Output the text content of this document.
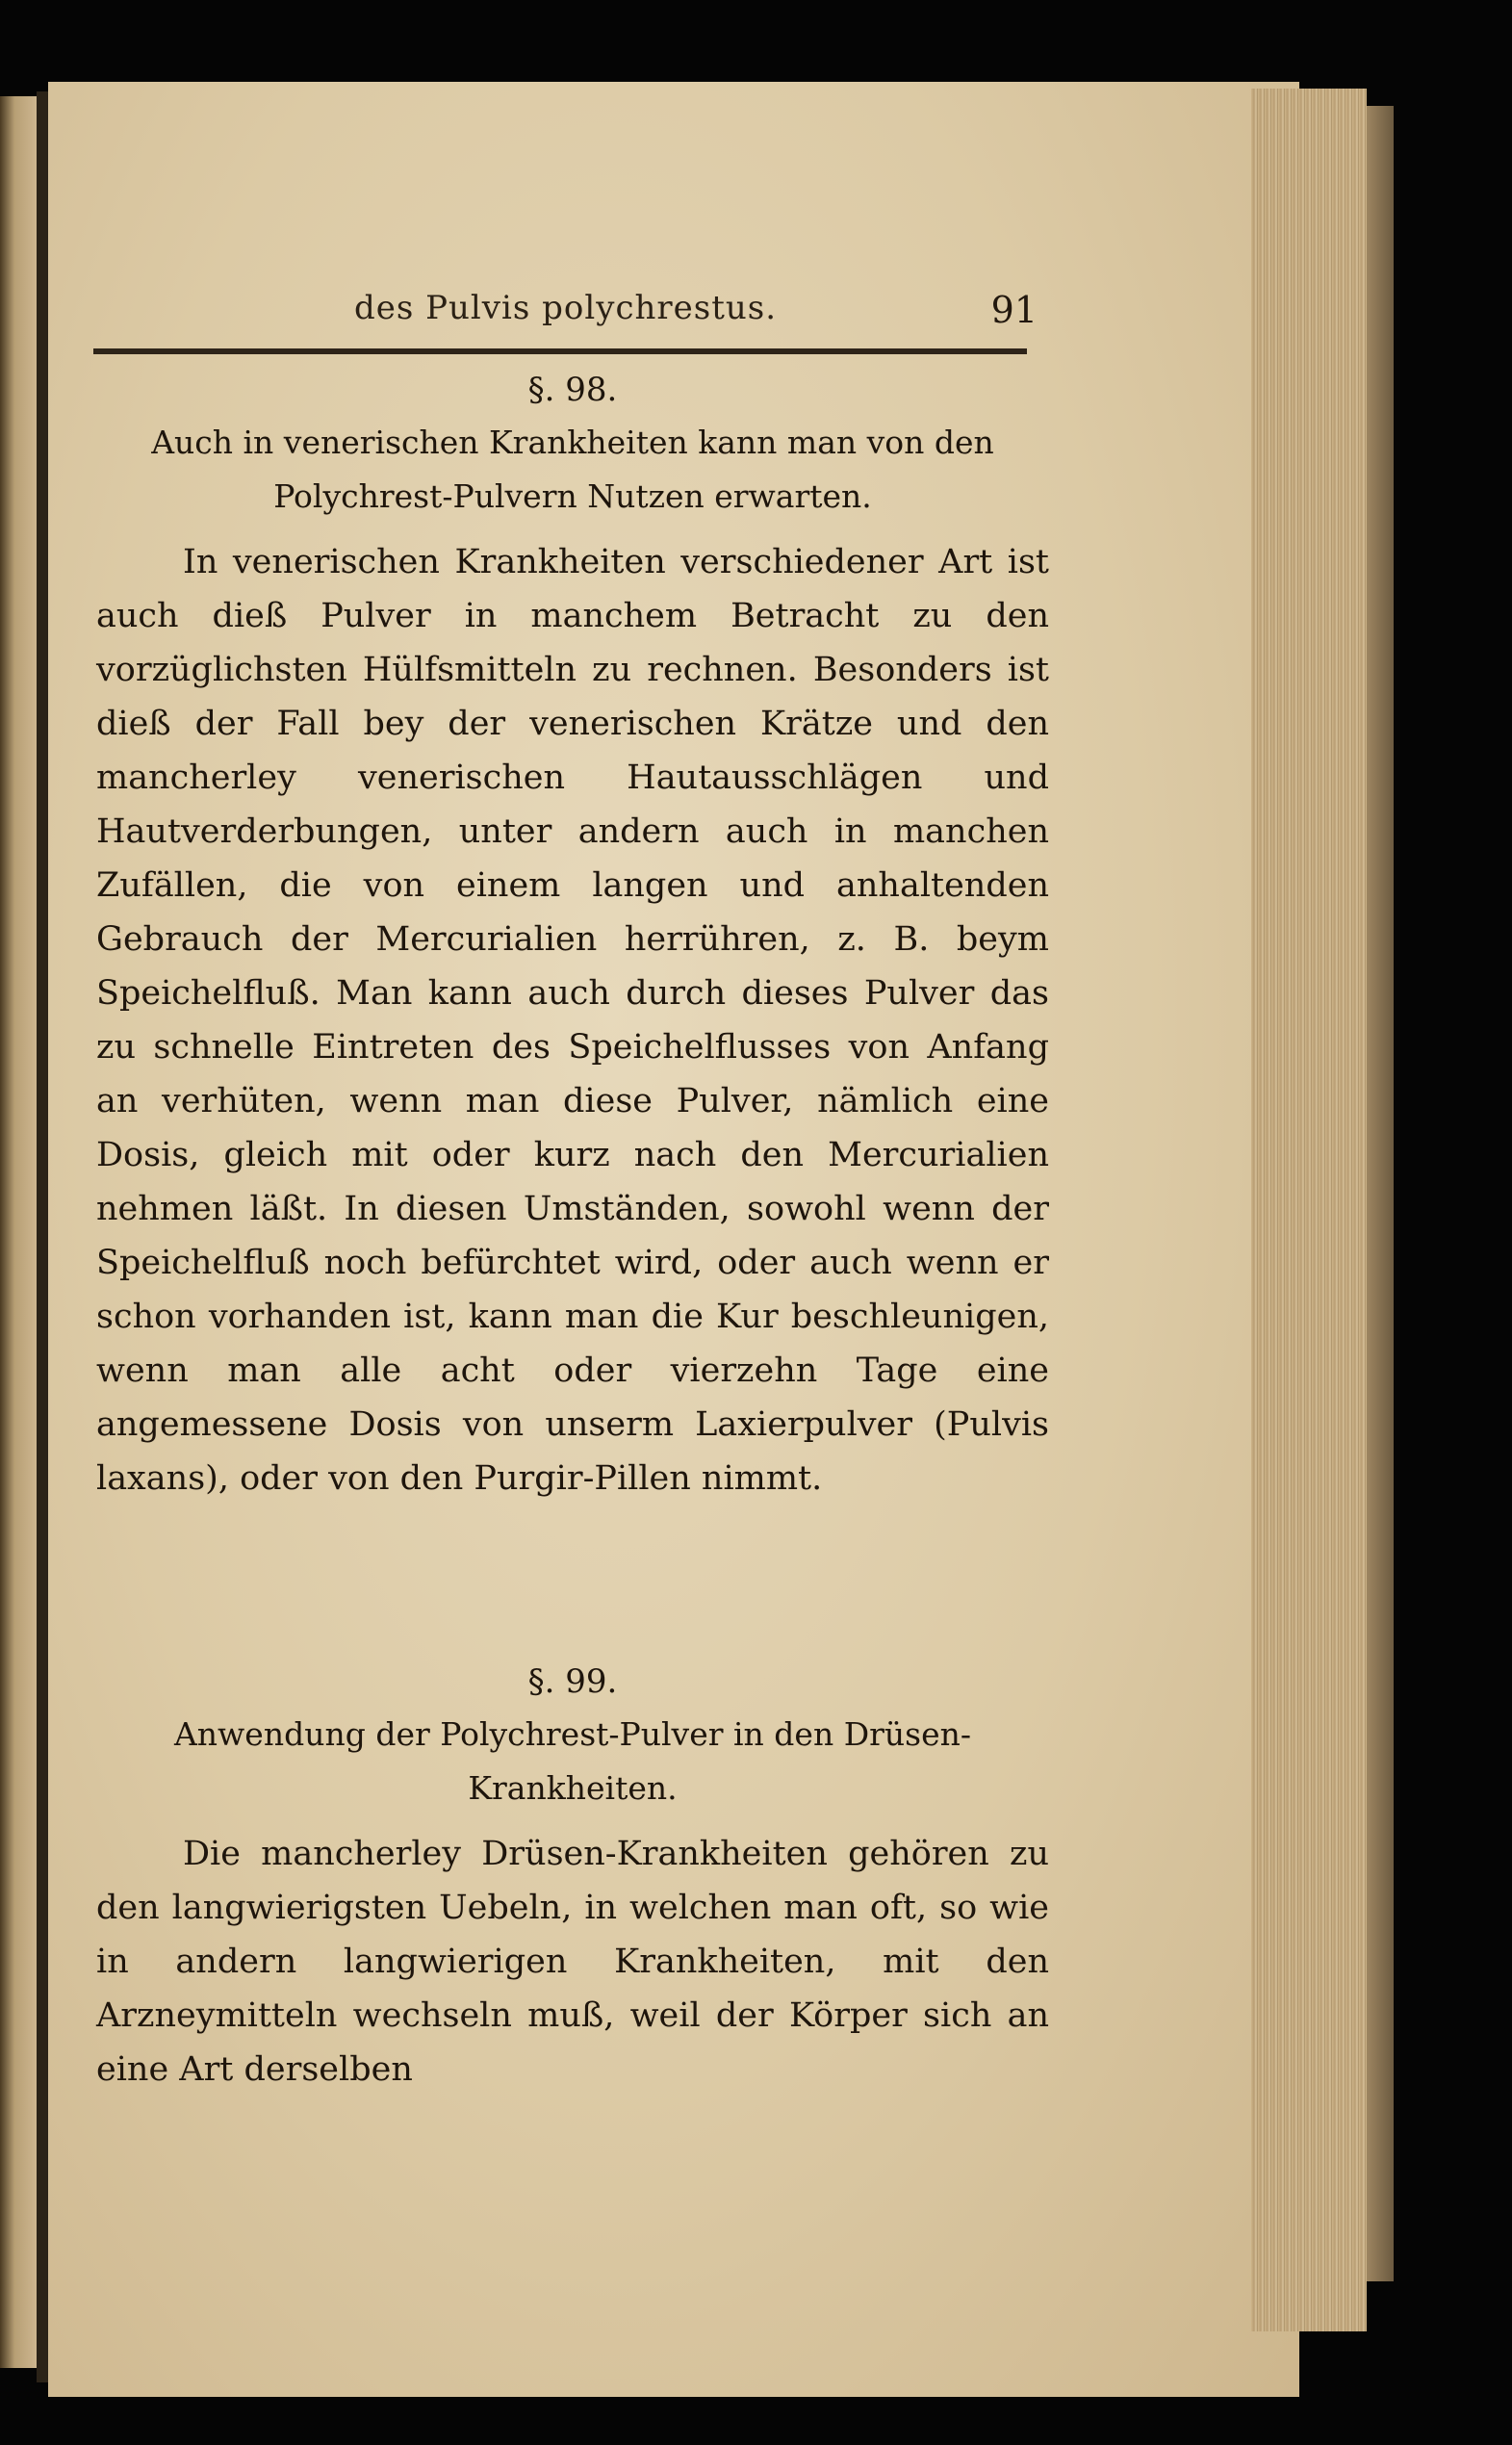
des Pulvis polychrestus.	91
§. 98.
Auch in venerischen Krankheiten kann man von den Polychrest-Pulvern Nutzen erwarten.
In venerischen Krankheiten verschiedener Art ist auch dieß Pulver in manchem Betracht zu den vorzüglichsten Hülfsmitteln zu rechnen. Besonders ist dieß der Fall bey der venerischen Krätze und den mancherley venerischen Hautausschlägen und Hautverderbungen, unter andern auch in manchen Zufällen, die von einem langen und anhaltenden Gebrauch der Mercurialien herrühren, z. B. beym Speichelfluß. Man kann auch durch dieses Pulver das zu schnelle Eintreten des Speichelflusses von Anfang an verhüten, wenn man diese Pulver, nämlich eine Dosis, gleich mit oder kurz nach den Mercurialien nehmen läßt. In diesen Umständen, sowohl wenn der Speichelfluß noch befürchtet wird, oder auch wenn er schon vorhanden ist, kann man die Kur beschleunigen, wenn man alle acht oder vierzehn Tage eine angemessene Dosis von unserm Laxierpulver (Pulvis laxans), oder von den Purgir-Pillen nimmt.
§. 99.
Anwendung der Polychrest-Pulver in den Drüsen-Krankheiten.
Die mancherley Drüsen-Krankheiten gehören zu den langwierigsten Uebeln, in welchen man oft, so wie in andern langwierigen Krankheiten, mit den Arzneymitteln wechseln muß, weil der Körper sich an eine Art derselben
